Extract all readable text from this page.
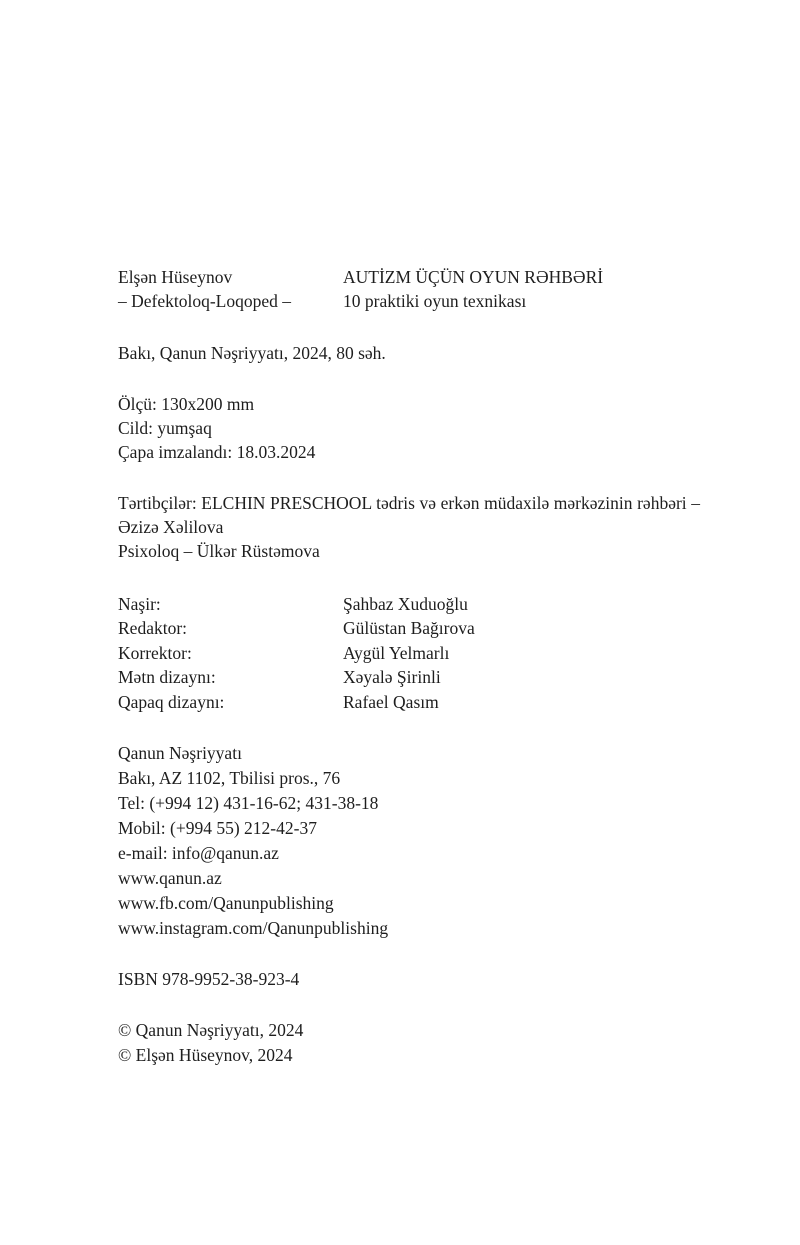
Elşən Hüseynov	AUTİZM ÜÇÜN OYUN RƏHBƏRİ
– Defektoloq-Loqoped –	10 praktiki oyun texnikası
Bakı, Qanun Nəşriyyatı, 2024, 80 səh.
Ölçü: 130x200 mm
Cild: yumşaq
Çapa imzalandı: 18.03.2024
Tərtibçilər: ELCHIN PRESCHOOL tədris və erkən müdaxilə mərkəzinin rəhbəri – Əzizə Xəlilova
Psixoloq – Ülkər Rüstəmova
Naşir:	Şahbaz Xuduoğlu
Redaktor:	Gülüstan Bağırova
Korrektor:	Aygül Yelmarlı
Mətn dizaynı:	Xəyalə Şirinli
Qapaq dizaynı:	Rafael Qasım
Qanun Nəşriyyatı
Bakı, AZ 1102, Tbilisi pros., 76
Tel: (+994 12) 431-16-62; 431-38-18
Mobil: (+994 55) 212-42-37
e-mail: info@qanun.az
www.qanun.az
www.fb.com/Qanunpublishing
www.instagram.com/Qanunpublishing
ISBN 978-9952-38-923-4
© Qanun Nəşriyyatı, 2024
© Elşən Hüseynov, 2024
